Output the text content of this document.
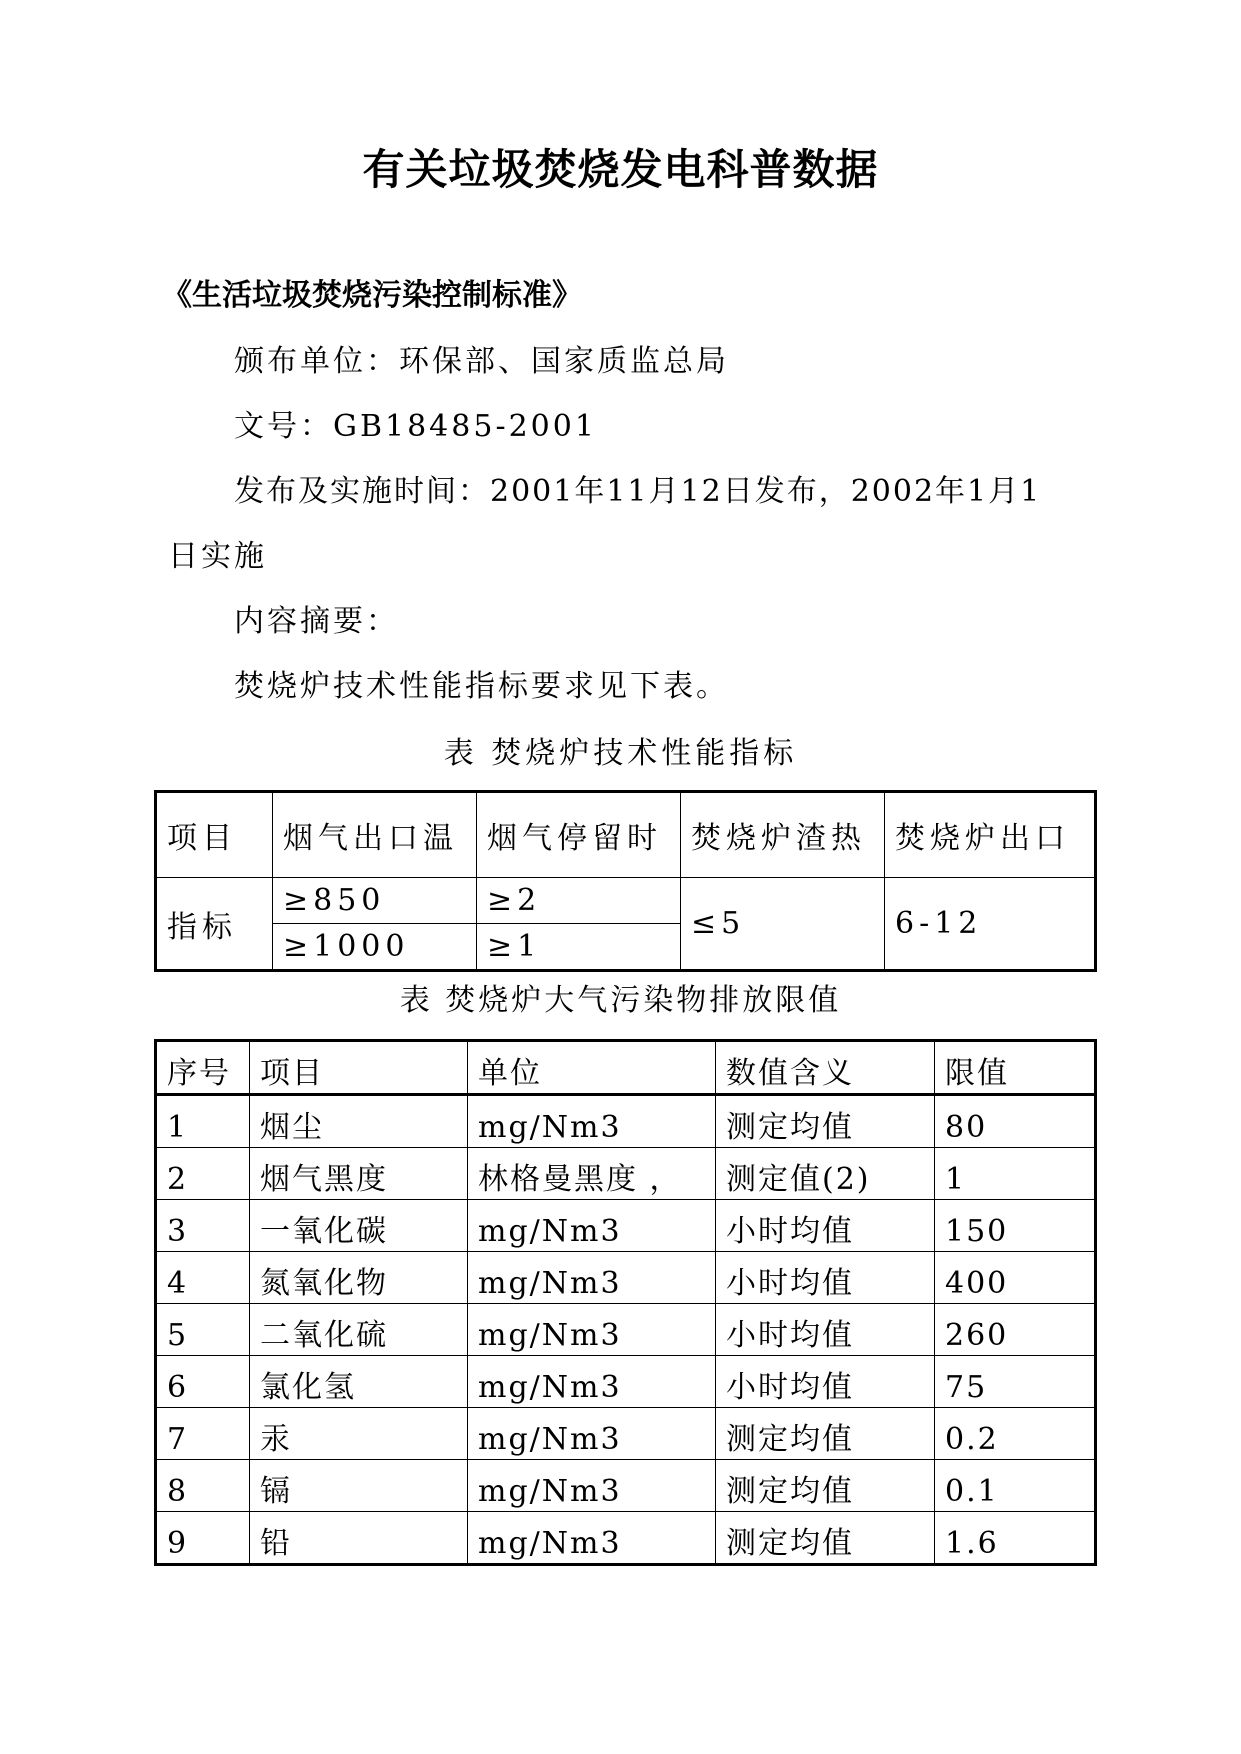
有关垃圾焚烧发电科普数据

《生活垃圾焚烧污染控制标准》

颁布单位：环保部、国家质监总局

文号：GB18485-2001

发布及实施时间：2001年11月12日发布，2002年1月1

日实施

内容摘要：

焚烧炉技术性能指标要求见下表。

表 焚烧炉技术性能指标

项目	烟气出口温	烟气停留时	焚烧炉渣热	焚烧炉出口
指标	≥850	≥2	≤5	6-12
	≥1000	≥1		

表 焚烧炉大气污染物排放限值

序号	项目	单位	数值含义	限值
1	烟尘	mg/Nm3	测定均值	80
2	烟气黑度	林格曼黑度 ，	测定值(2)	1
3	一氧化碳	mg/Nm3	小时均值	150
4	氮氧化物	mg/Nm3	小时均值	400
5	二氧化硫	mg/Nm3	小时均值	260
6	氯化氢	mg/Nm3	小时均值	75
7	汞	mg/Nm3	测定均值	0.2
8	镉	mg/Nm3	测定均值	0.1
9	铅	mg/Nm3	测定均值	1.6
